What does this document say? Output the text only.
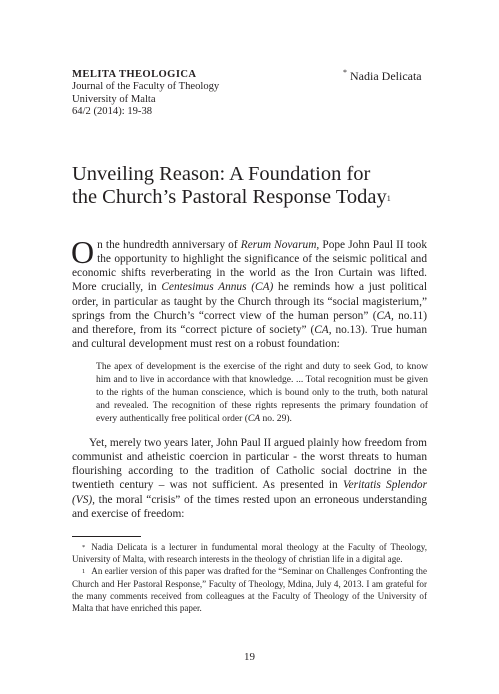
MELITA THEOLOGICA
Journal of the Faculty of Theology
University of Malta
64/2 (2014): 19-38
* Nadia Delicata
Unveiling Reason: A Foundation for
the Church’s Pastoral Response Today$^1$
On the hundredth anniversary of Rerum Novarum, Pope John Paul II took the opportunity to highlight the significance of the seismic political and economic shifts reverberating in the world as the Iron Curtain was lifted. More crucially, in Centesimus Annus (CA) he reminds how a just political order, in particular as taught by the Church through its “social magisterium,” springs from the Church’s “correct view of the human person” (CA, no.11) and therefore, from its “correct picture of society” (CA, no.13). True human and cultural development must rest on a robust foundation:
The apex of development is the exercise of the right and duty to seek God, to know him and to live in accordance with that knowledge. ... Total recognition must be given to the rights of the human conscience, which is bound only to the truth, both natural and revealed. The recognition of these rights represents the primary foundation of every authentically free political order (CA no. 29).
Yet, merely two years later, John Paul II argued plainly how freedom from communist and atheistic coercion in particular - the worst threats to human flourishing according to the tradition of Catholic social doctrine in the twentieth century – was not sufficient. As presented in Veritatis Splendor (VS), the moral “crisis” of the times rested upon an erroneous understanding and exercise of freedom:

* Nadia Delicata is a lecturer in fundumental moral theology at the Faculty of Theology, University of Malta, with research interests in the theology of christian life in a digital age.

$^1$ An earlier version of this paper was drafted for the “Seminar on Challenges Confronting the Church and Her Pastoral Response,” Faculty of Theology, Mdina, July 4, 2013. I am grateful for the many comments received from colleagues at the Faculty of Theology of the University of Malta that have enriched this paper.

19
